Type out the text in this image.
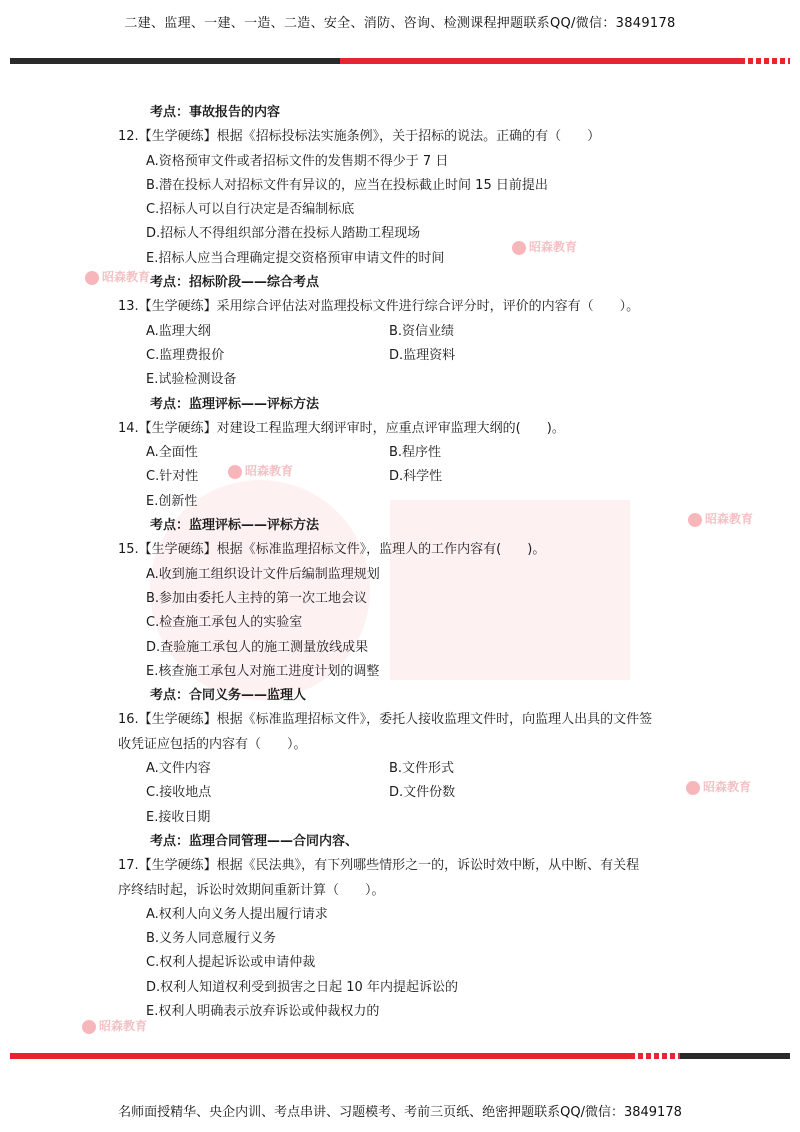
二建、监理、一建、一造、二造、安全、消防、咨询、检测课程押题联系QQ/微信：3849178
昭森教育
昭森教育
昭森教育
昭森教育
昭森教育
昭森教育
考点：事故报告的内容
12.【生学硬练】根据《招标投标法实施条例》，关于招标的说法。正确的有（　　）
A.资格预审文件或者招标文件的发售期不得少于 7 日
B.潜在投标人对招标文件有异议的，应当在投标截止时间 15 日前提出
C.招标人可以自行决定是否编制标底
D.招标人不得组织部分潜在投标人踏勘工程现场
E.招标人应当合理确定提交资格预审申请文件的时间
考点：招标阶段——综合考点
13.【生学硬练】采用综合评估法对监理投标文件进行综合评分时，评价的内容有（　　）。
A.监理大纲	B.资信业绩
C.监理费报价	D.监理资料
E.试验检测设备
考点：监理评标——评标方法
14.【生学硬练】对建设工程监理大纲评审时，应重点评审监理大纲的(　　)。
A.全面性	B.程序性
C.针对性	D.科学性
E.创新性
考点：监理评标——评标方法
15.【生学硬练】根据《标准监理招标文件》，监理人的工作内容有(　　)。
A.收到施工组织设计文件后编制监理规划
B.参加由委托人主持的第一次工地会议
C.检查施工承包人的实验室
D.查验施工承包人的施工测量放线成果
E.核查施工承包人对施工进度计划的调整
考点：合同义务——监理人
16.【生学硬练】根据《标准监理招标文件》，委托人接收监理文件时，向监理人出具的文件签
收凭证应包括的内容有（　　）。
A.文件内容	B.文件形式
C.接收地点	D.文件份数
E.接收日期
考点：监理合同管理——合同内容、
17.【生学硬练】根据《民法典》，有下列哪些情形之一的，诉讼时效中断，从中断、有关程
序终结时起，诉讼时效期间重新计算（　　）。
A.权利人向义务人提出履行请求
B.义务人同意履行义务
C.权利人提起诉讼或申请仲裁
D.权利人知道权利受到损害之日起 10 年内提起诉讼的
E.权利人明确表示放弃诉讼或仲裁权力的
名师面授精华、央企内训、考点串讲、习题模考、考前三页纸、绝密押题联系QQ/微信：3849178
